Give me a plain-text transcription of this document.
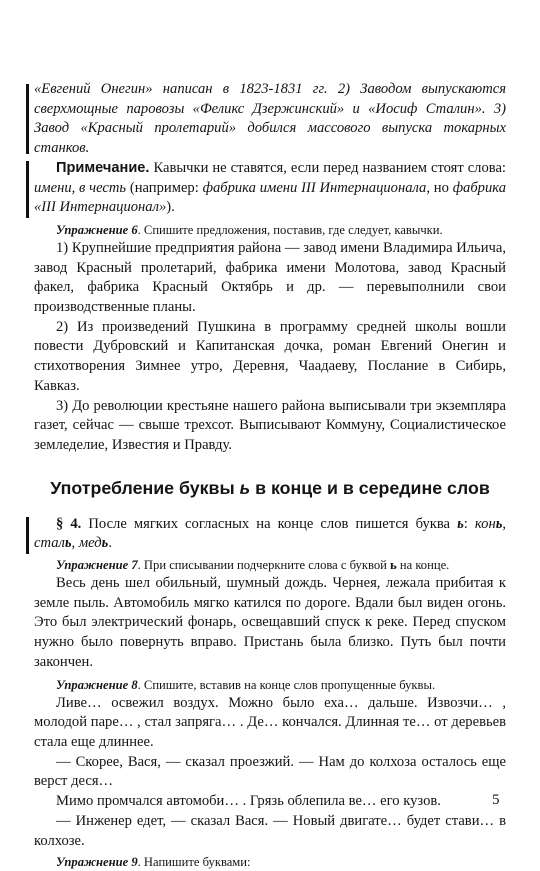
«Евгений Онегин» написан в 1823-1831 гг. 2) Заводом выпускаются сверхмощные паровозы «Феликс Дзержинский» и «Иосиф Сталин». 3) Завод «Красный пролетарий» добился массового выпуска токарных станков.

Примечание. Кавычки не ставятся, если перед названием стоят слова: имени, в честь (например: фабрика имени III Интернационала, но фабрика «III Интернационал»).

Упражнение 6. Спишите предложения, поставив, где следует, кавычки.

1) Крупнейшие предприятия района — завод имени Владимира Ильича, завод Красный пролетарий, фабрика имени Молотова, завод Красный факел, фабрика Красный Октябрь и др. — перевыполнили свои производственные планы.

2) Из произведений Пушкина в программу средней школы вошли повести Дубровский и Капитанская дочка, роман Евгений Онегин и стихотворения Зимнее утро, Деревня, Чаадаеву, Послание в Сибирь, Кавказ.

3) До революции крестьяне нашего района выписывали три экземпляра газет, сейчас — свыше трехсот. Выписывают Коммуну, Социалистическое земледелие, Известия и Правду.

Употребление буквы ь в конце и в середине слов

§ 4. После мягких согласных на конце слов пишется буква ь: конь, сталь, медь.

Упражнение 7. При списывании подчеркните слова с буквой ь на конце.

Весь день шел обильный, шумный дождь. Чернея, лежала прибитая к земле пыль. Автомобиль мягко катился по дороге. Вдали был виден огонь. Это был электрический фонарь, освещавший спуск к реке. Перед спуском нужно было повернуть вправо. Пристань была близко. Путь был почти закончен.

Упражнение 8. Спишите, вставив на конце слов пропущенные буквы.

Ливе… освежил воздух. Можно было еха… дальше. Извозчи… , молодой паре… , стал запряга… . Де… кончался. Длинная те… от деревьев стала еще длиннее.

— Скорее, Вася, — сказал проезжий. — Нам до колхоза осталось еще верст деся…

Мимо промчался автомоби… . Грязь облепила ве… его кузов.

— Инженер едет, — сказал Вася. — Новый двигате… будет стави… в колхозе.

Упражнение 9. Напишите буквами:

5
